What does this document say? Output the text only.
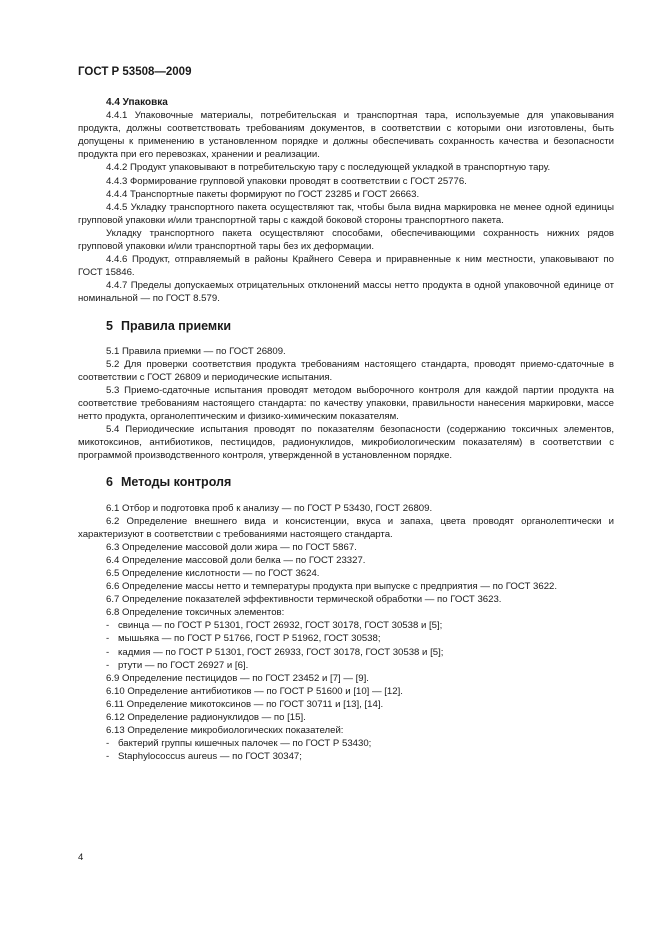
ГОСТ Р 53508—2009

4.4 Упаковка

4.4.1 Упаковочные материалы, потребительская и транспортная тара, используемые для упаковывания продукта, должны соответствовать требованиям документов, в соответствии с которыми они изготовлены, быть допущены к применению в установленном порядке и должны обеспечивать сохранность качества и безопасности продукта при его перевозках, хранении и реализации.

4.4.2 Продукт упаковывают в потребительскую тару с последующей укладкой в транспортную тару.

4.4.3 Формирование групповой упаковки проводят в соответствии с ГОСТ 25776.

4.4.4 Транспортные пакеты формируют по ГОСТ 23285 и ГОСТ 26663.

4.4.5 Укладку транспортного пакета осуществляют так, чтобы была видна маркировка не менее одной единицы групповой упаковки и/или транспортной тары с каждой боковой стороны транспортного пакета.

Укладку транспортного пакета осуществляют способами, обеспечивающими сохранность нижних рядов групповой упаковки и/или транспортной тары без их деформации.

4.4.6 Продукт, отправляемый в районы Крайнего Севера и приравненные к ним местности, упаковывают по ГОСТ 15846.

4.4.7 Пределы допускаемых отрицательных отклонений массы нетто продукта в одной упаковочной единице от номинальной — по ГОСТ 8.579.

5 Правила приемки

5.1 Правила приемки — по ГОСТ 26809.

5.2 Для проверки соответствия продукта требованиям настоящего стандарта, проводят приемо-сдаточные в соответствии с ГОСТ 26809 и периодические испытания.

5.3 Приемо-сдаточные испытания проводят методом выборочного контроля для каждой партии продукта на соответствие требованиям настоящего стандарта: по качеству упаковки, правильности нанесения маркировки, массе нетто продукта, органолептическим и физико-химическим показателям.

5.4 Периодические испытания проводят по показателям безопасности (содержанию токсичных элементов, микотоксинов, антибиотиков, пестицидов, радионуклидов, микробиологическим показателям) в соответствии с программой производственного контроля, утвержденной в установленном порядке.

6 Методы контроля

6.1 Отбор и подготовка проб к анализу — по ГОСТ Р 53430, ГОСТ 26809.

6.2 Определение внешнего вида и консистенции, вкуса и запаха, цвета проводят органолептически и характеризуют в соответствии с требованиями настоящего стандарта.

6.3 Определение массовой доли жира — по ГОСТ 5867.

6.4 Определение массовой доли белка — по ГОСТ 23327.

6.5 Определение кислотности — по ГОСТ 3624.

6.6 Определение массы нетто и температуры продукта при выпуске с предприятия — по ГОСТ 3622.

6.7 Определение показателей эффективности термической обработки — по ГОСТ 3623.

6.8 Определение токсичных элементов:

- свинца — по ГОСТ Р 51301, ГОСТ 26932, ГОСТ 30178, ГОСТ 30538 и [5];

- мышьяка — по ГОСТ Р 51766, ГОСТ Р 51962, ГОСТ 30538;

- кадмия — по ГОСТ Р 51301, ГОСТ 26933, ГОСТ 30178, ГОСТ 30538 и [5];

- ртути — по ГОСТ 26927 и [6].

6.9 Определение пестицидов — по ГОСТ 23452 и [7] — [9].

6.10 Определение антибиотиков — по ГОСТ Р 51600 и [10] — [12].

6.11 Определение микотоксинов — по ГОСТ 30711 и [13], [14].

6.12 Определение радионуклидов — по [15].

6.13 Определение микробиологических показателей:

- бактерий группы кишечных палочек — по ГОСТ Р 53430;

- Staphylococcus aureus — по ГОСТ 30347;

4
